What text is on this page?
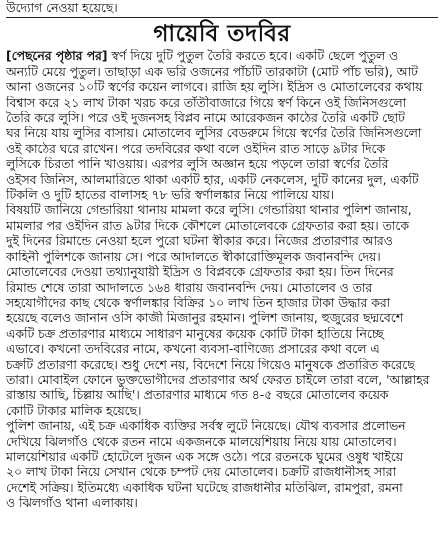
উদ্যোগ নেওয়া হয়েছে।
গায়েবি তদবির
[পেছনের পৃষ্ঠার পর] স্বর্ণ দিয়ে দুটি পুতুল তৈরি করতে হবে। একটি ছেলে পুতুল ও
অন্যটি মেয়ে পুতুল। তাছাড়া এক ভরি ওজনের পাঁচটি তারকাটা (মোট পাঁচ ভরি), আট
আনা ওজনের ১০টি স্বর্ণের কয়েন লাগবে। রাজি হয় লুসি। ইদ্রিস ও মোতালেবের কথায়
বিশ্বাস করে ২১ লাখ টাকা খরচ করে তাঁতীবাজারে গিয়ে স্বর্ণ কিনে ওই জিনিসগুলো
তৈরি করে লুসি। পরে ওই দুজনসহ বিপ্লব নামে আরেকজন কাঠের তৈরি একটি ছোট
ঘর নিয়ে যায় লুসির বাসায়। মোতালেব লুসির বেডরুমে গিয়ে স্বর্ণের তৈরি জিনিসগুলো
ওই কাঠের ঘরে রাখেন। পরে তদবিরের কথা বলে ওইদিন রাত সাড়ে ৯টার দিকে
লুসিকে চিরতা পানি খাওয়ায়। এরপর লুসি অজ্ঞান হয়ে পড়লে তারা স্বর্ণের তৈরি
ওইসব জিনিস, আলমারিতে থাকা একটি হার, একটি নেকলেস, দুটি কানের দুল, একটি
টিকলি ও দুটি হাতের বালাসহ ৭৮ ভরি স্বর্ণালঙ্কার নিয়ে পালিয়ে যায়।
বিষয়টি জানিয়ে গেন্ডারিয়া থানায় মামলা করে লুসি। গেন্ডারিয়া থানার পুলিশ জানায়,
মামলার পর ওইদিন রাত ৯টার দিকে কৌশলে মোতালেবকে গ্রেফতার করা হয়। তাকে
দুই দিনের রিমান্ডে নেওয়া হলে পুরো ঘটনা স্বীকার করে। নিজের প্রতারণার আরও
কাহিনী পুলিশকে জানায় সে। পরে আদালতে স্বীকারোক্তিমূলক জবানবন্দি দেয়।
মোতালেবের দেওয়া তথ্যানুযায়ী ইদ্রিস ও বিপ্লবকে গ্রেফতার করা হয়। তিন দিনের
রিমান্ড শেষে তারা আদালতে ১৬৪ ধারায় জবানবন্দি দেয়। মোতালেব ও তার
সহযোগীদের কাছ থেকে স্বর্ণালঙ্কার বিক্রির ১০ লাখ তিন হাজার টাকা উদ্ধার করা
হয়েছে বলেও জানান ওসি কাজী মিজানুর রহমান। পুলিশ জানায়, হুজুরের ছদ্মবেশে
একটি চক্র প্রতারণার মাধ্যমে সাধারণ মানুষের কয়েক কোটি টাকা হাতিয়ে নিচ্ছে
এভাবে। কখনো তদবিরের নামে, কখনো ব্যবসা-বাণিজ্যে প্রসারের কথা বলে এ
চক্রটি প্রতারণা করেছে। শুধু দেশে নয়, বিদেশে নিয়ে গিয়েও মানুষকে প্রতারিত করেছে
তারা। মোবাইল ফোনে ভুক্তভোগীদের প্রতারণার অর্থ ফেরত চাইলে তারা বলে, 'আল্লাহর
রাস্তায় আছি, চিল্লায় আছি'। প্রতারণার মাধ্যমে গত ৪-৫ বছরে মোতালেব কয়েক
কোটি টাকার মালিক হয়েছে।
পুলিশ জানায়, এই চক্র একাধিক ব্যক্তির সর্বস্ব লুটে নিয়েছে। যৌথ ব্যবসার প্রলোভন
দেখিয়ে ঝিলগাঁও থেকে রতন নামে একজনকে মালয়েশিয়ায় নিয়ে যায় মোতালেব।
মালয়েশিয়ার একটি হোটেলে দুজন এক সঙ্গে ওঠে। পরে রতনকে ঘুমের ওষুধ খাইয়ে
২০ লাখ টাকা নিয়ে সেখান থেকে চম্পট দেয় মোতালেব। চক্রটি রাজধানীসহ সারা
দেশেই সক্রিয়। ইতিমধ্যে একাধিক ঘটনা ঘটেছে রাজধানীর মতিঝিল, রামপুরা, রমনা
ও ঝিলগাঁও থানা এলাকায়।
